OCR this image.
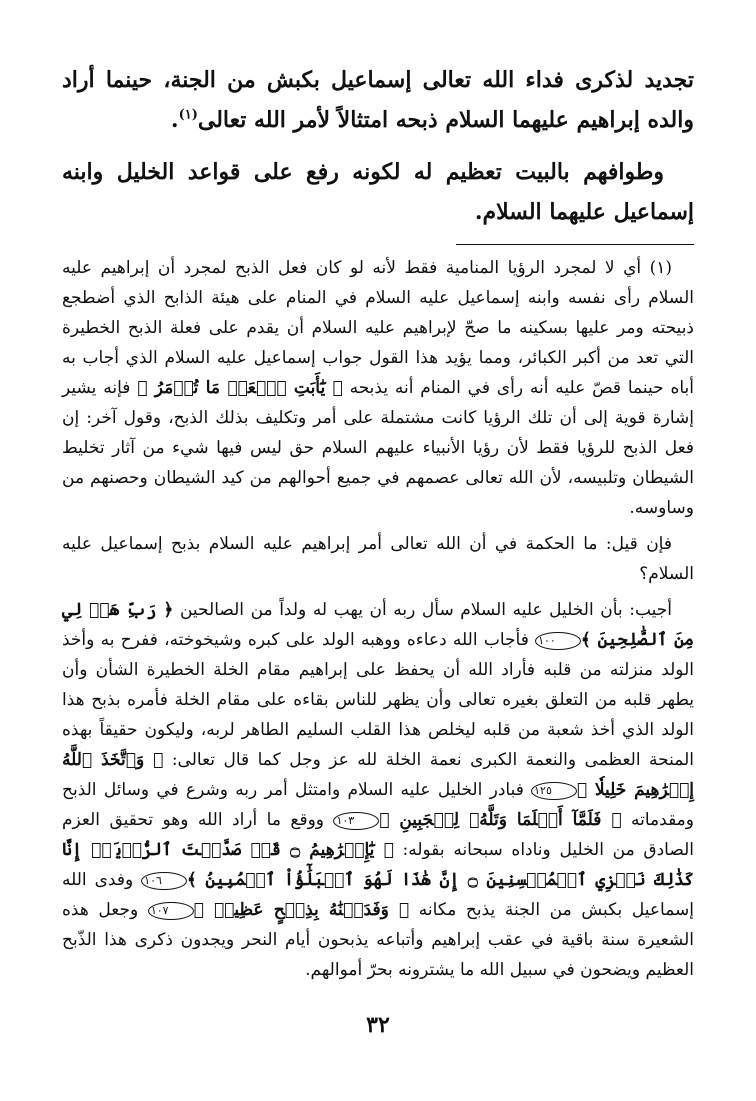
تجديد لذكرى فداء الله تعالى إسماعيل بكبش من الجنة، حينما أراد والده إبراهيم عليهما السلام ذبحه امتثالاً لأمر الله تعالى$^{(١)}$.

وطوافهم بالبيت تعظيم له لكونه رفع على قواعد الخليل وابنه إسماعيل عليهما السلام.

(١) أي لا لمجرد الرؤيا المنامية فقط لأنه لو كان فعل الذبح لمجرد أن إبراهيم عليه السلام رأى نفسه وابنه إسماعيل عليه السلام في المنام على هيئة الذابح الذي أضطجع ذبيحته ومر عليها بسكينه ما صحّ لإبراهيم عليه السلام أن يقدم على فعلة الذبح الخطيرة التي تعد من أكبر الكبائر، ومما يؤيد هذا القول جواب إسماعيل عليه السلام الذي أجاب به أباه حينما قصّ عليه أنه رأى في المنام أنه يذبحه ﴿ يَٰٓأَبَتِ ٱفۡعَلۡ مَا تُؤۡمَرُ ﴾ فإنه يشير إشارة قوية إلى أن تلك الرؤيا كانت مشتملة على أمر وتكليف بذلك الذبح، وقول آخر: إن فعل الذبح للرؤيا فقط لأن رؤيا الأنبياء عليهم السلام حق ليس فيها شيء من آثار تخليط الشيطان وتلبيسه، لأن الله تعالى عصمهم في جميع أحوالهم من كيد الشيطان وحصنهم من وساوسه.

فإن قيل: ما الحكمة في أن الله تعالى أمر إبراهيم عليه السلام بذبح إسماعيل عليه السلام؟

أجيب: بأن الخليل عليه السلام سأل ربه أن يهب له ولداً من الصالحين ﴿ رَبِّ هَبۡ لِي مِنَ ٱلصَّٰلِحِينَ ﴾١٠٠ فأجاب الله دعاءه ووهبه الولد على كبره وشيخوخته، ففرح به وأخذ الولد منزلته من قلبه فأراد الله أن يحفظ على إبراهيم مقام الخلة الخطيرة الشأن وأن يطهر قلبه من التعلق بغيره تعالى وأن يظهر للناس بقاءه على مقام الخلة فأمره بذبح هذا الولد الذي أخذ شعبة من قلبه ليخلص هذا القلب السليم الطاهر لربه، وليكون حقيقاً بهذه المنحة العظمى والنعمة الكبرى نعمة الخلة لله عز وجل كما قال تعالى: ﴿ وَٱتَّخَذَ ٱللَّهُ إِبۡرَٰهِيمَ خَلِيلٗا ﴾١٢٥ فبادر الخليل عليه السلام وامتثل أمر ربه وشرع في وسائل الذبح ومقدماته ﴿ فَلَمَّآ أَسۡلَمَا وَتَلَّهُۥ لِلۡجَبِينِ ﴾١٠٣ ووقع ما أراد الله وهو تحقيق العزم الصادق من الخليل وناداه سبحانه بقوله: ﴿ يَٰٓإِبۡرَٰهِيمُ ۝ قَدۡ صَدَّقۡتَ ٱلرُّءۡيَآۚ إِنَّا كَذَٰلِكَ نَجۡزِي ٱلۡمُحۡسِنِينَ ۝ إِنَّ هَٰذَا لَهُوَ ٱلۡبَلَٰٓؤُاْ ٱلۡمُبِينُ ﴾١٠٦ وفدى الله إسماعيل بكبش من الجنة يذبح مكانه ﴿ وَفَدَيۡنَٰهُ بِذِبۡحٍ عَظِيمٖ ﴾١٠٧ وجعل هذه الشعيرة سنة باقية في عقب إبراهيم وأتباعه يذبحون أيام النحر ويجدون ذكرى هذا الذّبح العظيم ويضحون في سبيل الله ما يشترونه بحرّ أموالهم.

٣٢
